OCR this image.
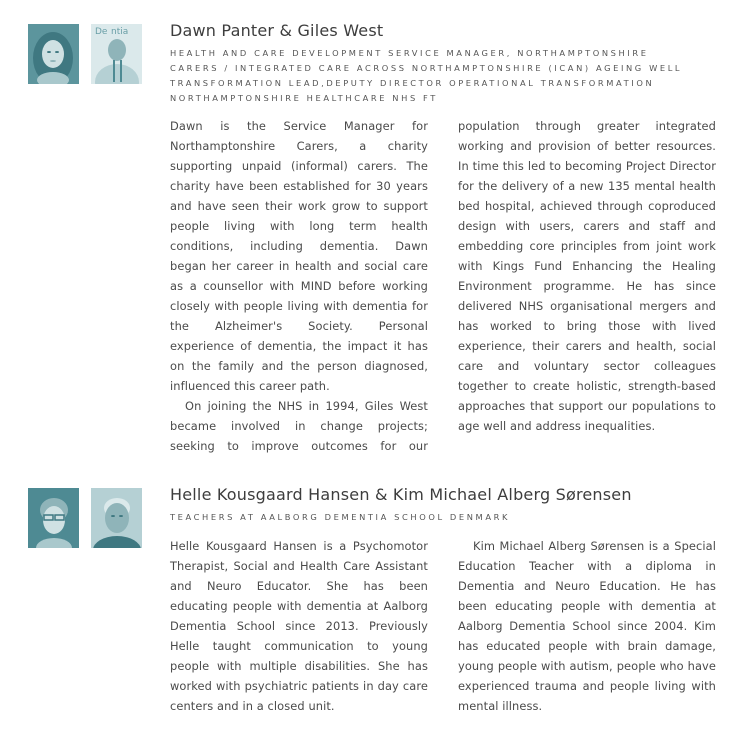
De ntia	Dawn Panter & Giles West

HEALTH AND CARE DEVELOPMENT SERVICE MANAGER, NORTHAMPTONSHIRE CARERS / INTEGRATED CARE ACROSS NORTHAMPTONSHIRE (ICAN) AGEING WELL TRANSFORMATION LEAD,DEPUTY DIRECTOR OPERATIONAL TRANSFORMATION NORTHAMPTONSHIRE HEALTHCARE NHS FT

Dawn is the Service Manager for Northamptonshire Carers, a charity supporting unpaid (informal) carers. The charity have been established for 30 years and have seen their work grow to support people living with long term health conditions, including dementia. Dawn began her career in health and social care as a counsellor with MIND before working closely with people living with dementia for the Alzheimer's Society. Personal experience of dementia, the impact it has on the family and the person diagnosed, influenced this career path.

On joining the NHS in 1994, Giles West became involved in change projects; seeking to improve outcomes for our

population through greater integrated working and provision of better resources. In time this led to becoming Project Director for the delivery of a new 135 mental health bed hospital, achieved through coproduced design with users, carers and staff and embedding core principles from joint work with Kings Fund Enhancing the Healing Environment programme. He has since delivered NHS organisational mergers and has worked to bring those with lived experience, their carers and health, social care and voluntary sector colleagues together to create holistic, strength-based approaches that support our populations to age well and address inequalities.

Helle Kousgaard Hansen & Kim Michael Alberg Sørensen

TEACHERS AT AALBORG DEMENTIA SCHOOL DENMARK

Helle Kousgaard Hansen is a Psychomotor Therapist, Social and Health Care Assistant and Neuro Educator. She has been educating people with dementia at Aalborg Dementia School since 2013. Previously Helle taught communication to young people with multiple disabilities. She has worked with psychiatric patients in day care centers and in a closed unit.

Kim Michael Alberg Sørensen is a Special Education Teacher with a diploma in Dementia and Neuro Education. He has been educating people with dementia at Aalborg Dementia School since 2004. Kim has educated people with brain damage, young people with autism, people who have experienced trauma and people living with mental illness.
